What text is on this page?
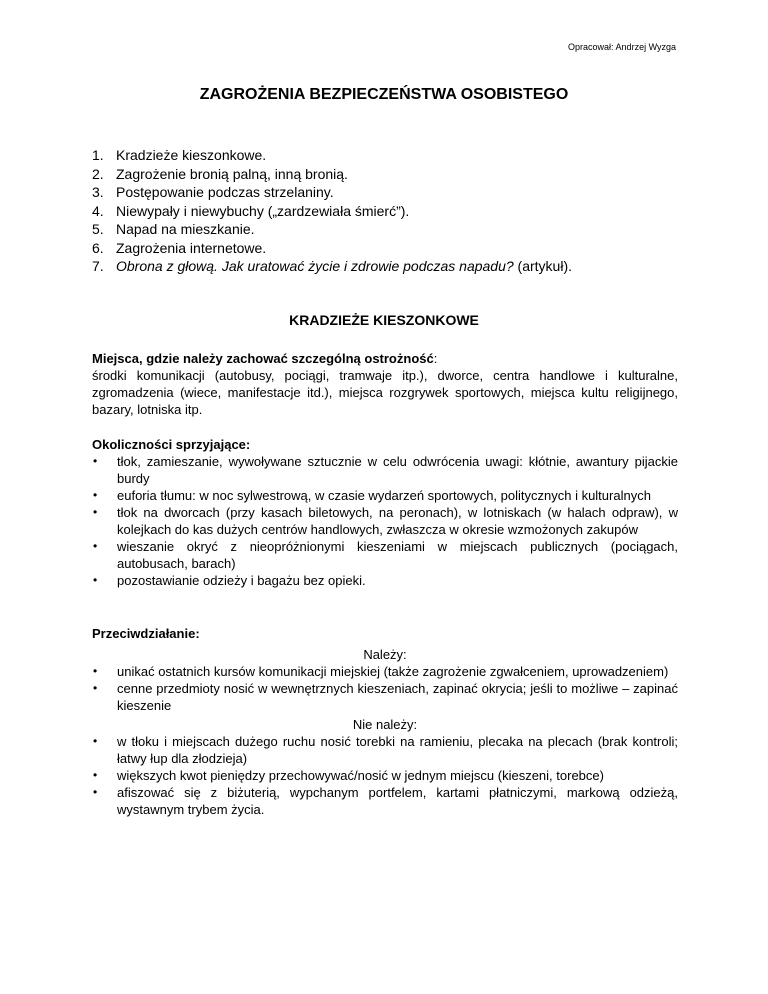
Opracował: Andrzej Wyzga
ZAGROŻENIA BEZPIECZEŃSTWA OSOBISTEGO
1. Kradzieże kieszonkowe.
2. Zagrożenie bronią palną, inną bronią.
3. Postępowanie podczas strzelaniny.
4. Niewypały i niewybuchy („zardzewiała śmierć”).
5. Napad na mieszkanie.
6. Zagrożenia internetowe.
7. Obrona z głową. Jak uratować życie i zdrowie podczas napadu? (artykuł).
KRADZIEŻE KIESZONKOWE
Miejsca, gdzie należy zachować szczególną ostrożność:
środki komunikacji (autobusy, pociągi, tramwaje itp.), dworce, centra handlowe i kulturalne, zgromadzenia (wiece, manifestacje itd.), miejsca rozgrywek sportowych, miejsca kultu religijnego, bazary, lotniska itp.
Okoliczności sprzyjające:
• tłok, zamieszanie, wywoływane sztucznie w celu odwrócenia uwagi: kłótnie, awantury pijackie burdy
• euforia tłumu: w noc sylwestrową, w czasie wydarzeń sportowych, politycznych i kulturalnych
• tłok na dworcach (przy kasach biletowych, na peronach), w lotniskach (w halach odpraw), w kolejkach do kas dużych centrów handlowych, zwłaszcza w okresie wzmożonych zakupów
• wieszanie okryć z nieopróżnionymi kieszeniami w miejscach publicznych (pociągach, autobusach, barach)
• pozostawianie odzieży i bagażu bez opieki.
Przeciwdziałanie:
Należy:
• unikać ostatnich kursów komunikacji miejskiej (także zagrożenie zgwałceniem, uprowadzeniem)
• cenne przedmioty nosić w wewnętrznych kieszeniach, zapinać okrycia; jeśli to możliwe – zapinać kieszenie
Nie należy:
• w tłoku i miejscach dużego ruchu nosić torebki na ramieniu, plecaka na plecach (brak kontroli; łatwy łup dla złodzieja)
• większych kwot pieniędzy przechowywać/nosić w jednym miejscu (kieszeni, torebce)
• afiszować się z biżuterią, wypchanym portfelem, kartami płatniczymi, markową odzieżą, wystawnym trybem życia.
